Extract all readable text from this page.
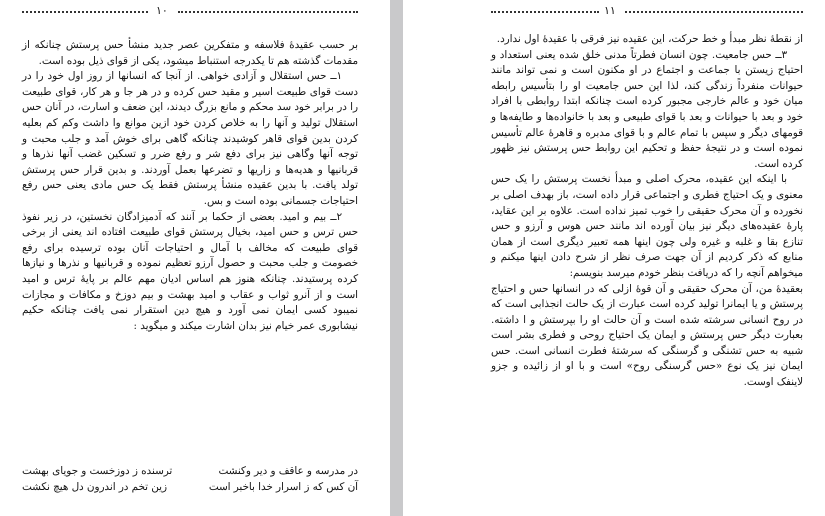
۱۰

بر حسب عقیدهٔ فلاسفه و متفکرین عصر جدید منشأ حس پرستش چنانکه از مقدمات گذشته هم تا یکدرجه استنباط میشود، یکی از قوای ذیل بوده است.

۱ــ حس استقلال و آزادی خواهی. از آنجا که انسانها از روز اول خود را در دست قوای طبیعت اسیر و مقید حس کرده و در هر جا و هر کار، قوای طبیعت را در برابر خود سد محکم و مانع بزرگ دیدند، این ضعف و اسارت، در آنان حس استقلال تولید و آنها را به خلاص کردن خود ازین موانع وا داشت وکم کم بعلیه کردن بدین قوای قاهر کوشیدند چنانکه گاهی برای خوش آمد و جلب محبت و توجه آنها وگاهی نیز برای دفع شر و رفع ضرر و تسکین غضب آنها نذرها و قربانیها و هدیه‌ها و زاریها و تضرعها بعمل آوردند. و بدین قرار حس پرستش تولد یافت. با بدین عقیده منشأ پرستش فقط یک حس مادی یعنی حس رفع احتیاجات جسمانی بوده است و بس.

۲ــ بیم و امید. بعضی از حکما بر آنند که آدمیزادگان نخستین، در زیر نفوذ حس ترس و حس امید، بخیال پرستش قوای طبیعت افتاده اند یعنی از برخی قوای طبیعت که مخالف با آمال و احتیاجات آنان بوده ترسیده برای رفع خصومت و جلب محبت و حصول آرزو تعظیم نموده و قربانیها و نذرها و نیازها کرده پرستیدند. چنانکه هنوز هم اساس ادیان مهم عالم بر پایهٔ ترس و امید است و از آنرو ثواب و عقاب و امید بهشت و بیم دوزخ و مکافات و مجازات نمیبود کسی ایمان نمی آورد و هیچ دین استقرار نمی یافت چنانکه حکیم نیشابوری عمر خیام نیز بدان اشارت میکند و میگوید :

در مدرسه و عاقف و دیر وکنشت
ترسنده ز دوزخست و جویای بهشت
آن کس که ز اسرار خدا باخبر است
زین تخم در اندرون دل هیچ نکشت
۱۱

از نقطهٔ نظر مبدأ و خط حرکت، این عقیده نیز فرقی با عقیدهٔ اول ندارد.

۳ــ حس جامعیت. چون انسان فطرتاً مدنی خلق شده یعنی استعداد و احتیاج زیستن با جماعت و اجتماع در او مکنون است و نمی تواند مانند حیوانات منفرداً زندگی کند، لذا این حس جامعیت او را بتأسیس رابطه میان خود و عالم خارجی مجبور کرده است چنانکه ابتدا روابطی با افراد خود و بعد با حیوانات و بعد با قوای طبیعی و بعد با خانواده‌ها و طایفه‌ها و قومهای دیگر و سپس با تمام عالم و با قوای مدبره و قاهرهٔ عالم تأسیس نموده است و در نتیجهٔ حفظ و تحکیم این روابط حس پرستش نیز ظهور کرده است.

با اینکه این عقیده، محرک اصلی و مبدأ نخست پرستش را یک حس معنوی و یک احتیاج فطری و اجتماعی قرار داده است، باز بهدف اصلی بر نخورده و آن محرک حقیقی را خوب تمیز نداده است. علاوه بر این عقاید، پارهٔ عقیده‌های دیگر نیز بیان آورده اند مانند حس هوس و آرزو و حس تنازع بقا و غلبه و غیره ولی چون اینها همه تعبیر دیگری است از همان منابع که ذکر کردیم از آن جهت صرف نظر از شرح دادن اینها میکنم و میخواهم آنچه را که دریافت بنظر خودم میرسد بنویسم:

بعقیدهٔ من، آن محرک حقیقی و آن قوهٔ ازلی که در انسانها حس و احتیاج پرستش و یا ایمانرا تولید کرده است عبارت از یک حالت انجذابی است که در روح انسانی سرشته شده است و آن حالت او را بپرستش و ا داشته. بعبارت دیگر حس پرستش و ایمان یک احتیاج روحی و فطری بشر است شبیه به حس تشنگی و گرسنگی که سرشتهٔ فطرت انسانی است. حس ایمان نیز یک نوع «حس گرسنگی روح» است و با او از زائیده و جزو لاینفک اوست.
